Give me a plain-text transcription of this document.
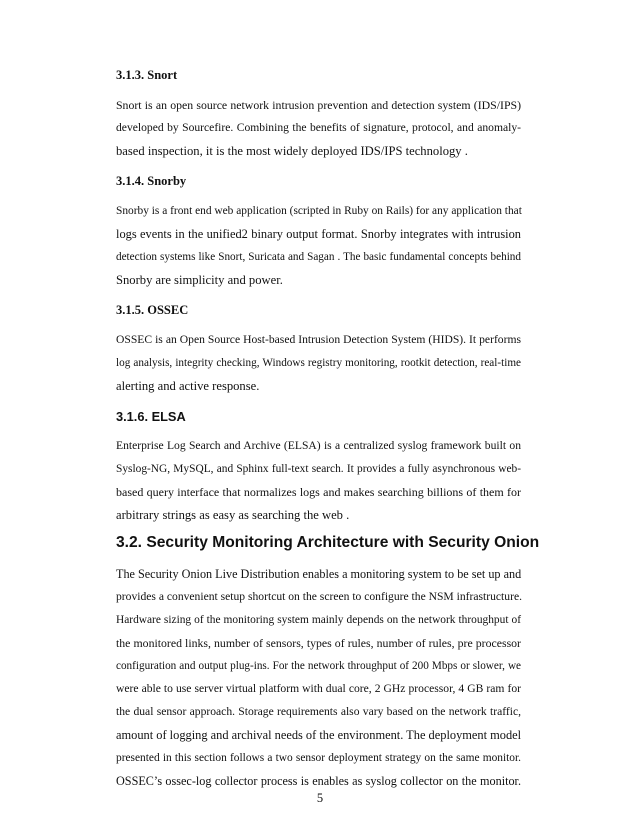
3.1.3. Snort
Snort is an open source network intrusion prevention and detection system (IDS/IPS)
developed by Sourcefire. Combining the benefits of signature, protocol, and anomaly-
based inspection, it is the most widely deployed IDS/IPS technology .
3.1.4. Snorby
Snorby is a front end web application (scripted in Ruby on Rails) for any application that
logs events in the unified2 binary output format. Snorby integrates with intrusion
detection systems like Snort, Suricata and Sagan . The basic fundamental concepts behind
Snorby are simplicity and power.
3.1.5. OSSEC
OSSEC is an Open Source Host-based Intrusion Detection System (HIDS). It performs
log analysis, integrity checking, Windows registry monitoring, rootkit detection, real-time
alerting and active response.
3.1.6. ELSA
Enterprise Log Search and Archive (ELSA) is a centralized syslog framework built on
Syslog-NG, MySQL, and Sphinx full-text search. It provides a fully asynchronous web-
based query interface that normalizes logs and makes searching billions of them for
arbitrary strings as easy as searching the web .
3.2. Security Monitoring Architecture with Security Onion
The Security Onion Live Distribution enables a monitoring system to be set up and
provides a convenient setup shortcut on the screen to configure the NSM infrastructure.
Hardware sizing of the monitoring system mainly depends on the network throughput of
the monitored links, number of sensors, types of rules, number of rules, pre processor
configuration and output plug-ins. For the network throughput of 200 Mbps or slower, we
were able to use server virtual platform with dual core, 2 GHz processor, 4 GB ram for
the dual sensor approach. Storage requirements also vary based on the network traffic,
amount of logging and archival needs of the environment. The deployment model
presented in this section follows a two sensor deployment strategy on the same monitor.
OSSEC’s ossec-log collector process is enables as syslog collector on the monitor.
5
